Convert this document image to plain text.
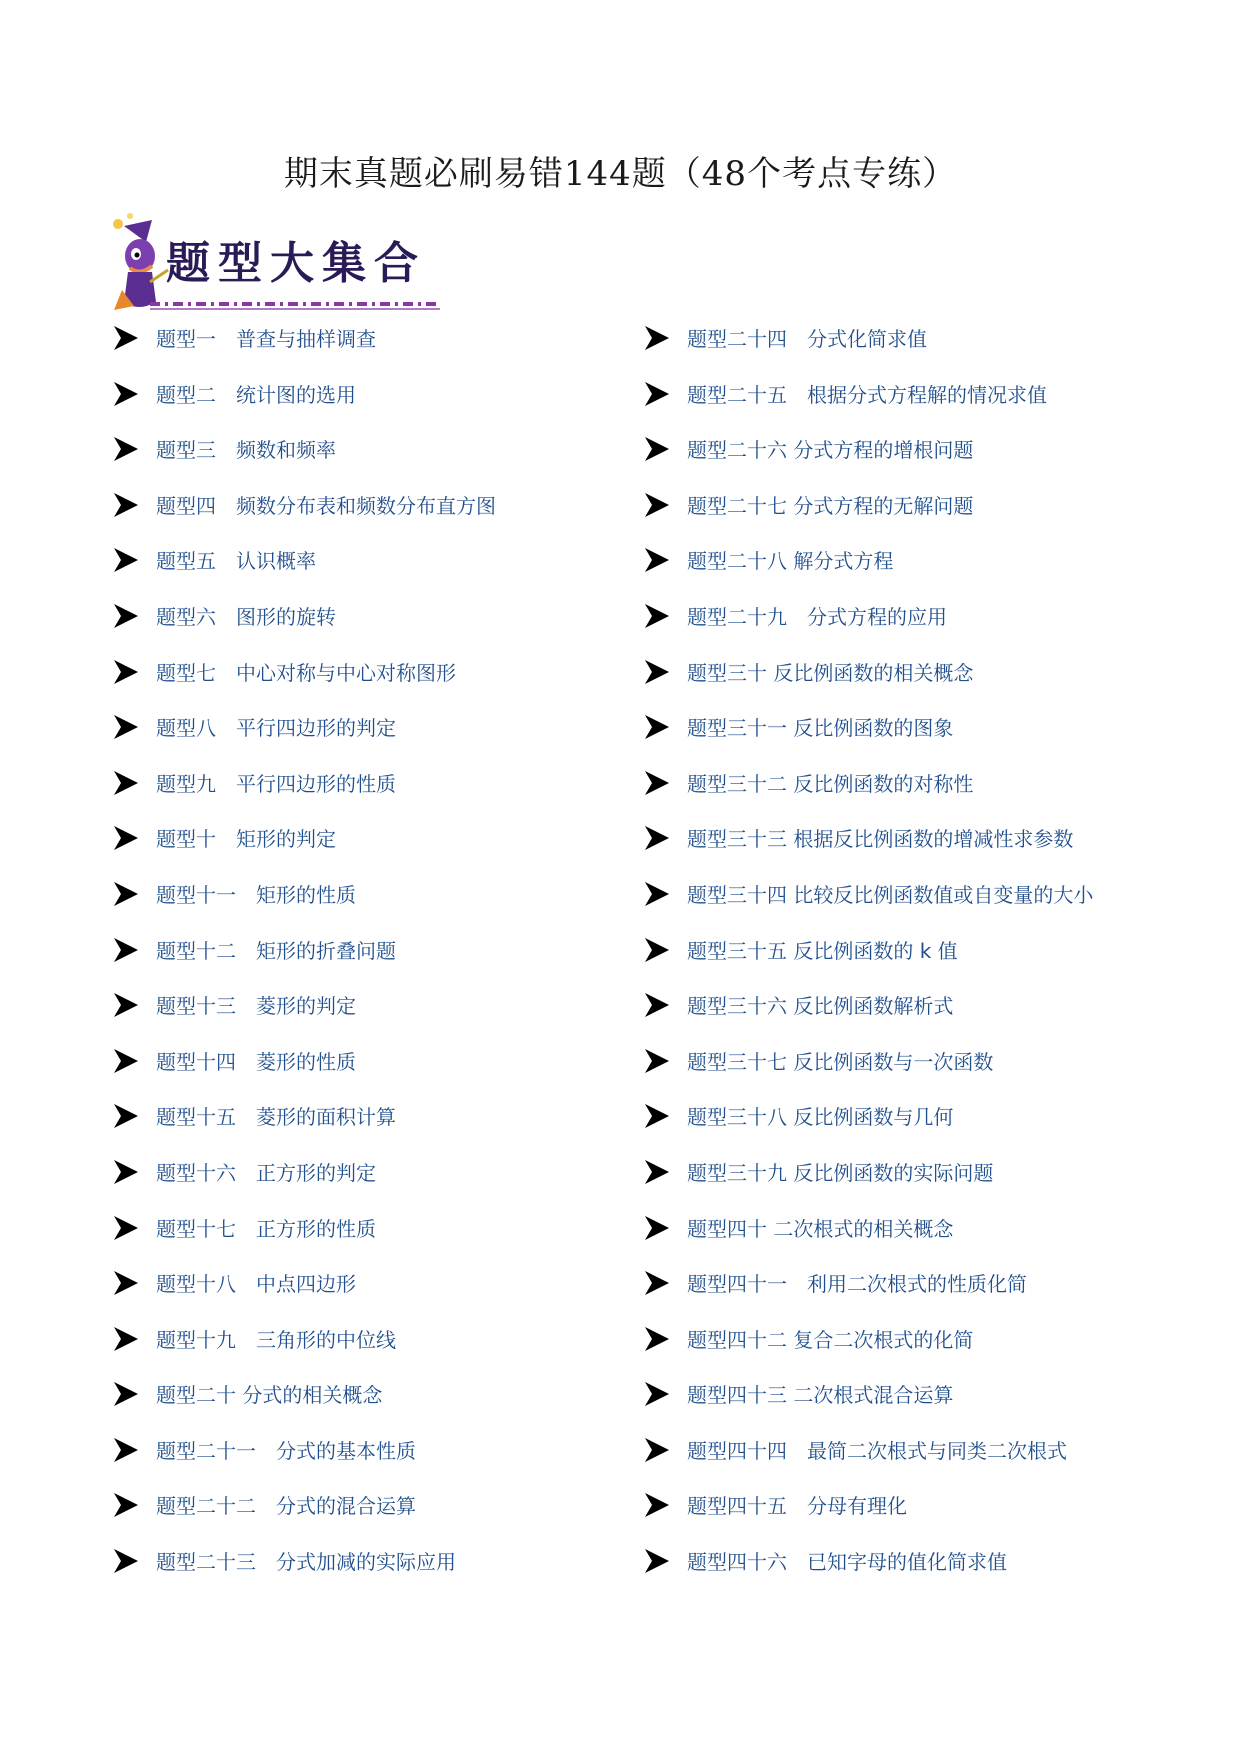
期末真题必刷易错144题（48个考点专练）
题型大集合
题型一　普查与抽样调查
题型二　统计图的选用
题型三　频数和频率
题型四　频数分布表和频数分布直方图
题型五　认识概率
题型六　图形的旋转
题型七　中心对称与中心对称图形
题型八　平行四边形的判定
题型九　平行四边形的性质
题型十　矩形的判定
题型十一　矩形的性质
题型十二　矩形的折叠问题
题型十三　菱形的判定
题型十四　菱形的性质
题型十五　菱形的面积计算
题型十六　正方形的判定
题型十七　正方形的性质
题型十八　中点四边形
题型十九　三角形的中位线
题型二十 分式的相关概念
题型二十一　分式的基本性质
题型二十二　分式的混合运算
题型二十三　分式加减的实际应用
题型二十四　分式化简求值
题型二十五　根据分式方程解的情况求值
题型二十六 分式方程的增根问题
题型二十七 分式方程的无解问题
题型二十八 解分式方程
题型二十九　分式方程的应用
题型三十 反比例函数的相关概念
题型三十一 反比例函数的图象
题型三十二 反比例函数的对称性
题型三十三 根据反比例函数的增减性求参数
题型三十四 比较反比例函数值或自变量的大小
题型三十五 反比例函数的 k 值
题型三十六 反比例函数解析式
题型三十七 反比例函数与一次函数
题型三十八 反比例函数与几何
题型三十九 反比例函数的实际问题
题型四十 二次根式的相关概念
题型四十一　利用二次根式的性质化简
题型四十二 复合二次根式的化简
题型四十三 二次根式混合运算
题型四十四　最简二次根式与同类二次根式
题型四十五　分母有理化
题型四十六　已知字母的值化简求值
